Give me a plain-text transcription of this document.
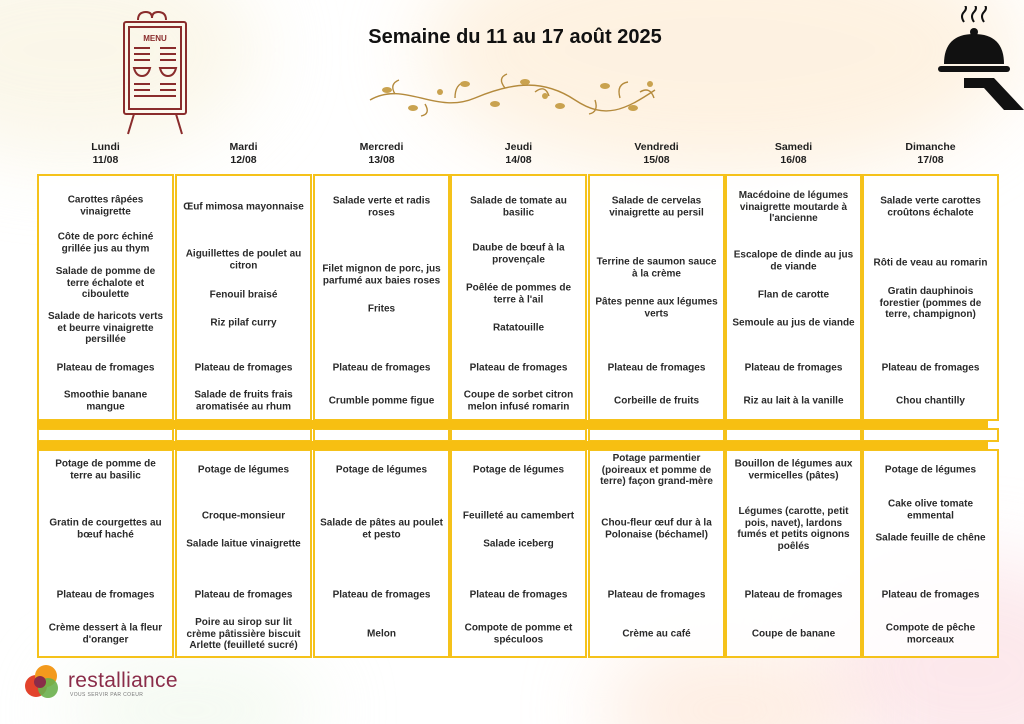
MENU	Semaine du 11 au 17 août 2025
Lundi
11/08
Mardi
12/08
Mercredi
13/08
Jeudi
14/08
Vendredi
15/08
Samedi
16/08
Dimanche
17/08
Carottes râpées vinaigrette
Côte de porc échiné grillée jus au thym
Salade de pomme de terre échalote et ciboulette
Salade de haricots verts et beurre vinaigrette persillée
Plateau de fromages
Smoothie banane mangue
Potage de pomme de terre au basilic
Gratin de courgettes au bœuf haché
Plateau de fromages
Crème dessert à la fleur d'oranger
Œuf mimosa mayonnaise
Aiguillettes de poulet au citron
Fenouil braisé
Riz pilaf curry
Plateau de fromages
Salade de fruits frais aromatisée au rhum
Potage de légumes
Croque-monsieur
Salade laitue vinaigrette
Plateau de fromages
Poire au sirop sur lit crème pâtissière biscuit Arlette (feuilleté sucré)
Salade verte et radis roses
Filet mignon de porc, jus parfumé aux baies roses
Frites
Plateau de fromages
Crumble pomme figue
Potage de légumes
Salade de pâtes au poulet et pesto
Plateau de fromages
Melon
Salade de tomate au basilic
Daube de bœuf à la provençale
Poêlée de pommes de terre à l'ail
Ratatouille
Plateau de fromages
Coupe de sorbet citron melon infusé romarin
Potage de légumes
Feuilleté au camembert
Salade iceberg
Plateau de fromages
Compote de pomme et spéculoos
Salade de cervelas vinaigrette au persil
Terrine de saumon sauce à la crème
Pâtes penne aux légumes verts
Plateau de fromages
Corbeille de fruits
Potage parmentier (poireaux et pomme de terre) façon grand-mère
Chou-fleur œuf dur à la Polonaise (béchamel)
Plateau de fromages
Crème au café
Macédoine de légumes vinaigrette moutarde à l'ancienne
Escalope de dinde au jus de viande
Flan de carotte
Semoule au jus de viande
Plateau de fromages
Riz au lait à la vanille
Bouillon de légumes aux vermicelles (pâtes)
Légumes (carotte, petit pois, navet), lardons fumés et petits oignons poêlés
Plateau de fromages
Coupe de banane
Salade verte carottes croûtons échalote
Rôti de veau au romarin
Gratin dauphinois forestier (pommes de terre, champignon)
Plateau de fromages
Chou chantilly
Potage de légumes
Cake olive tomate emmental
Salade feuille de chêne
Plateau de fromages
Compote de pêche morceaux
restalliance
VOUS SERVIR PAR COEUR
